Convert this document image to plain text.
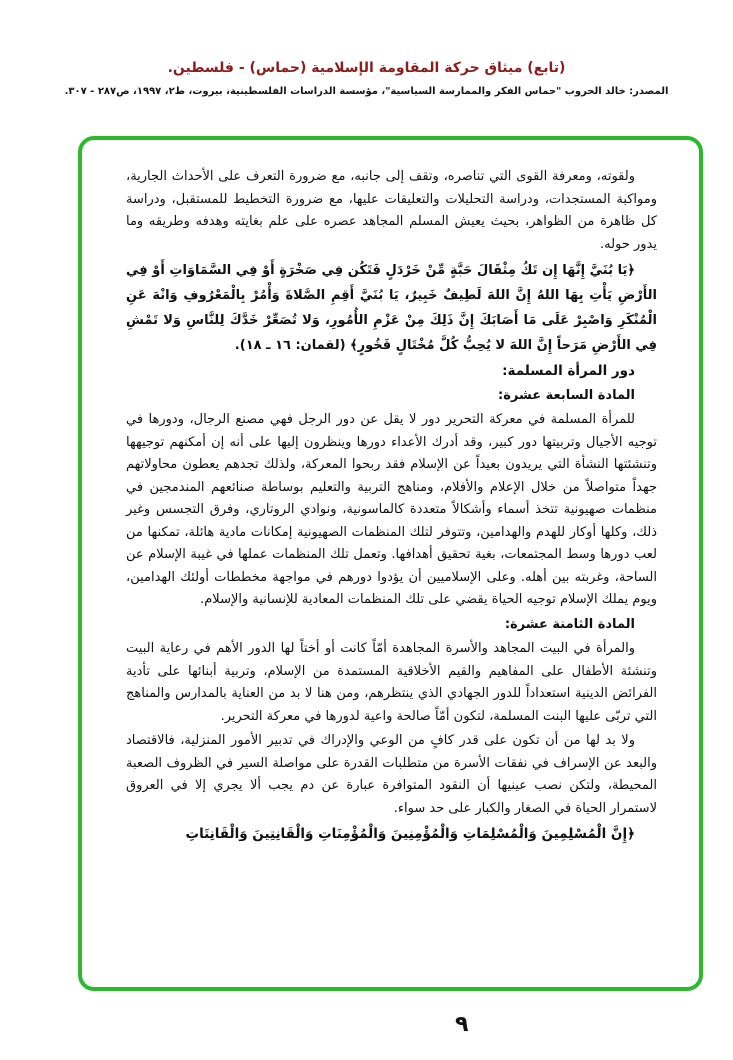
(تابع) ميثاق حركة المقاومة الإسلامية (حماس) - فلسطين.
المصدر: خالد الحروب "حماس الفكر والممارسة السياسية"، مؤسسة الدراسات الفلسطينية، بيروت، ط٢، ١٩٩٧، ص٢٨٧ - ٣٠٧.

ولقوته، ومعرفة القوى التي تناصره، وتقف إلى جانبه، مع ضرورة التعرف على الأحداث الجارية، ومواكبة المستجدات، ودراسة التحليلات والتعليقات عليها، مع ضرورة التخطيط للمستقبل، ودراسة كل ظاهرة من الظواهر، بحيث يعيش المسلم المجاهد عصره على علم بغايته وهدفه وطريقه وما يدور حوله.

﴿يَا بُنَيَّ إِنَّهَا إِن تَكُ مِثْقَالَ حَبَّةٍ مِّنْ خَرْدَلٍ فَتَكُن فِي صَخْرَةٍ أَوْ فِي السَّمَاوَاتِ أَوْ فِي الأَرْضِ يَأْتِ بِهَا اللهُ إِنَّ اللهَ لَطِيفٌ خَبِيرٌ، يَا بُنَيَّ أَقِمِ الصَّلاةَ وَأْمُرْ بِالْمَعْرُوفِ وَانْهَ عَنِ الْمُنْكَرِ وَاصْبِرْ عَلَى مَا أَصَابَكَ إِنَّ ذَلِكَ مِنْ عَزْمِ الأُمُورِ، وَلا تُصَعِّرْ خَدَّكَ لِلنَّاسِ وَلا تَمْشِ فِي الأَرْضِ مَرَحاً إِنَّ اللهَ لا يُحِبُّ كُلَّ مُخْتَالٍ فَخُورٍ﴾ (لقمان: ١٦ ـ ١٨).

دور المرأة المسلمة:

المادة السابعة عشرة:

للمرأة المسلمة في معركة التحرير دور لا يقل عن دور الرجل فهي مصنع الرجال، ودورها في توجيه الأجيال وتربيتها دور كبير، وقد أدرك الأعداء دورها وينظرون إليها على أنه إن أمكنهم توجيهها وتنشئتها النشأة التي يريدون بعيداً عن الإسلام فقد ربحوا المعركة، ولذلك تجدهم يعطون محاولاتهم جهداً متواصلاً من خلال الإعلام والأفلام، ومناهج التربية والتعليم بوساطة صنائعهم المندمجين في منظمات صهيونية تتخذ أسماء وأشكالاً متعددة كالماسونية، ونوادي الروتاري، وفرق التجسس وغير ذلك، وكلها أوكار للهدم والهدامين، وتتوفر لتلك المنظمات الصهيونية إمكانات مادية هائلة، تمكنها من لعب دورها وسط المجتمعات، بغية تحقيق أهدافها. وتعمل تلك المنظمات عملها في غيبة الإسلام عن الساحة، وغربته بين أهله. وعلى الإسلاميين أن يؤدوا دورهم في مواجهة مخططات أولئك الهدامين، ويوم يملك الإسلام توجيه الحياة يقضي على تلك المنظمات المعادية للإنسانية والإسلام.

المادة الثامنة عشرة:

والمرأة في البيت المجاهد والأسرة المجاهدة أمّاً كانت أو أختاً لها الدور الأهم في رعاية البيت وتنشئة الأطفال على المفاهيم والقيم الأخلاقية المستمدة من الإسلام، وتربية أبنائها على تأدية الفرائض الدينية استعداداً للدور الجهادي الذي ينتظرهم، ومن هنا لا بد من العناية بالمدارس والمناهج التي تربّى عليها البنت المسلمة، لتكون أمّاً صالحة واعية لدورها في معركة التحرير.

ولا بد لها من أن تكون على قدر كافٍ من الوعي والإدراك في تدبير الأمور المنزلية، فالاقتصاد والبعد عن الإسراف في نفقات الأسرة من متطلبات القدرة على مواصلة السير في الظروف الصعبة المحيطة، ولتكن نصب عينيها أن النقود المتوافرة عبارة عن دم يجب ألا يجري إلا في العروق لاستمرار الحياة في الصغار والكبار على حد سواء.

﴿إِنَّ الْمُسْلِمِينَ وَالْمُسْلِمَاتِ وَالْمُؤْمِنِينَ وَالْمُؤْمِنَاتِ وَالْقَانِتِينَ وَالْقَانِتَاتِ

٩
